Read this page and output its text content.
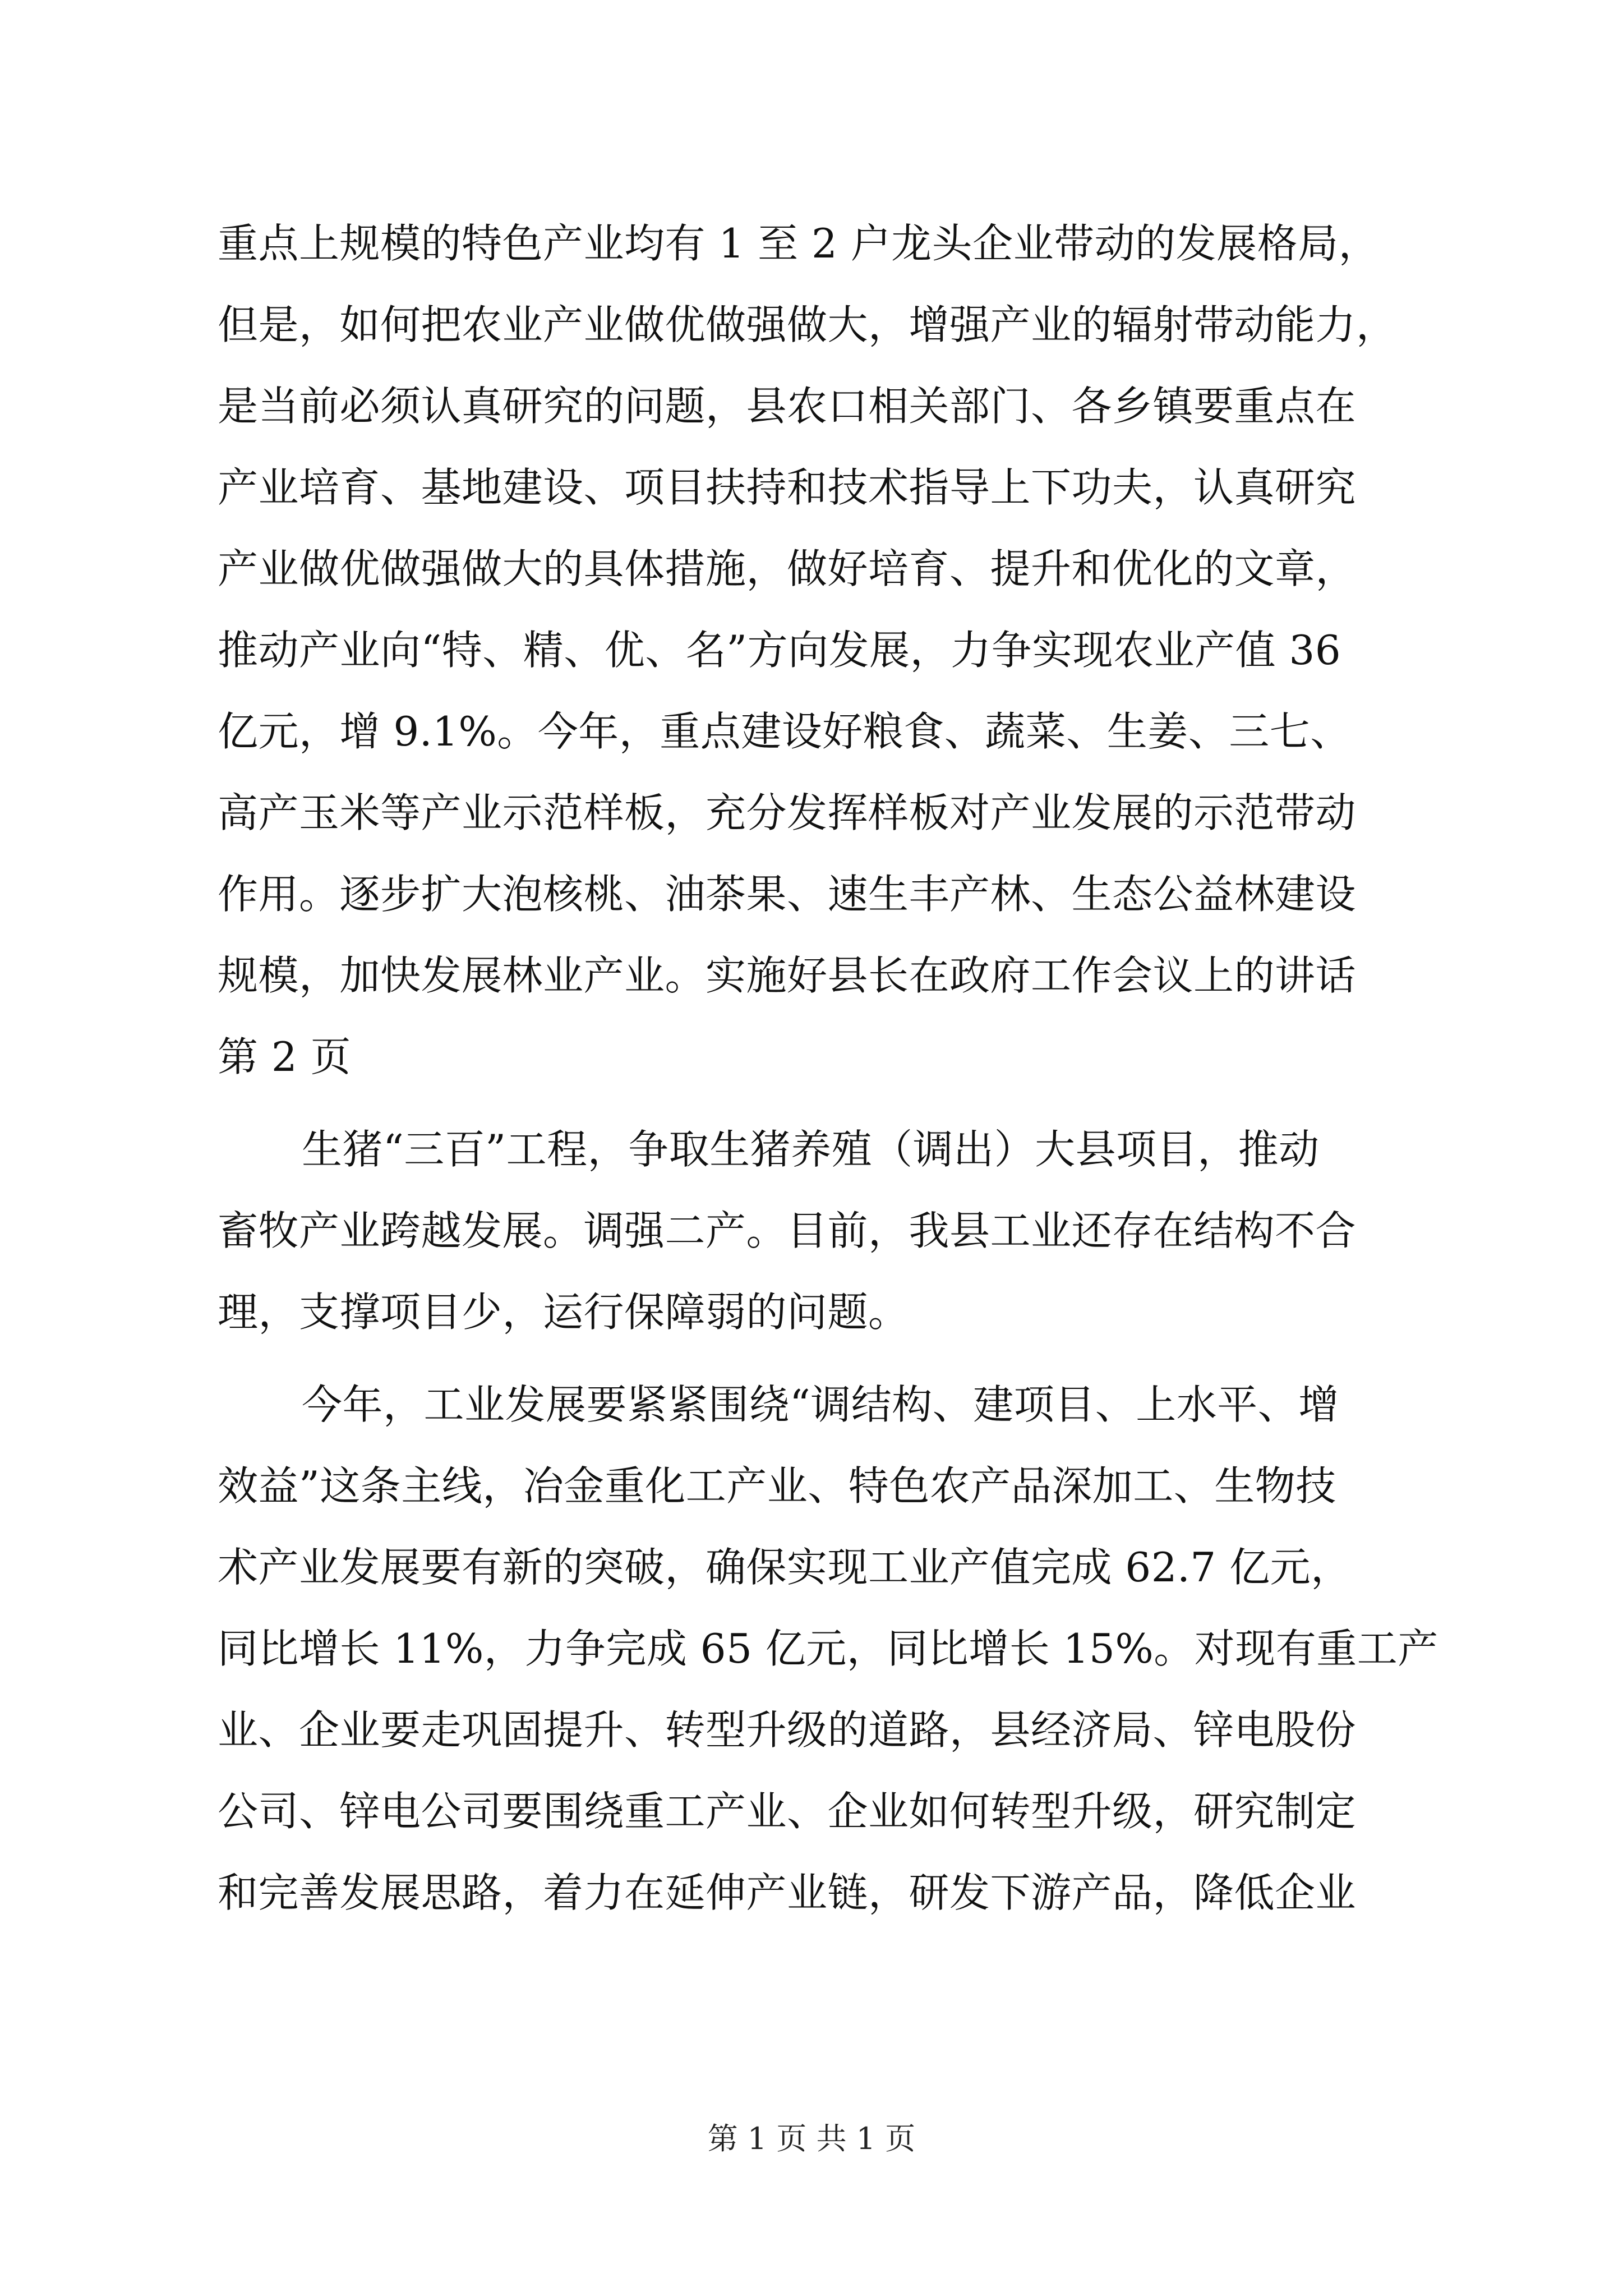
重点上规模的特色产业均有 1 至 2 户龙头企业带动的发展格局，
但是，如何把农业产业做优做强做大，增强产业的辐射带动能力，
是当前必须认真研究的问题，县农口相关部门、各乡镇要重点在
产业培育、基地建设、项目扶持和技术指导上下功夫，认真研究
产业做优做强做大的具体措施，做好培育、提升和优化的文章，
推动产业向“特、精、优、名”方向发展，力争实现农业产值 36
亿元，增 9.1%。今年，重点建设好粮食、蔬菜、生姜、三七、
高产玉米等产业示范样板，充分发挥样板对产业发展的示范带动
作用。逐步扩大泡核桃、油茶果、速生丰产林、生态公益林建设
规模，加快发展林业产业。实施好县长在政府工作会议上的讲话
第 2 页
生猪“三百”工程，争取生猪养殖（调出）大县项目，推动
畜牧产业跨越发展。调强二产。目前，我县工业还存在结构不合
理，支撑项目少，运行保障弱的问题。
今年，工业发展要紧紧围绕“调结构、建项目、上水平、增
效益”这条主线，冶金重化工产业、特色农产品深加工、生物技
术产业发展要有新的突破，确保实现工业产值完成 62.7 亿元，
同比增长 11%，力争完成 65 亿元，同比增长 15%。对现有重工产
业、企业要走巩固提升、转型升级的道路，县经济局、锌电股份
公司、锌电公司要围绕重工产业、企业如何转型升级，研究制定
和完善发展思路，着力在延伸产业链，研发下游产品，降低企业
第 1 页 共 1 页
